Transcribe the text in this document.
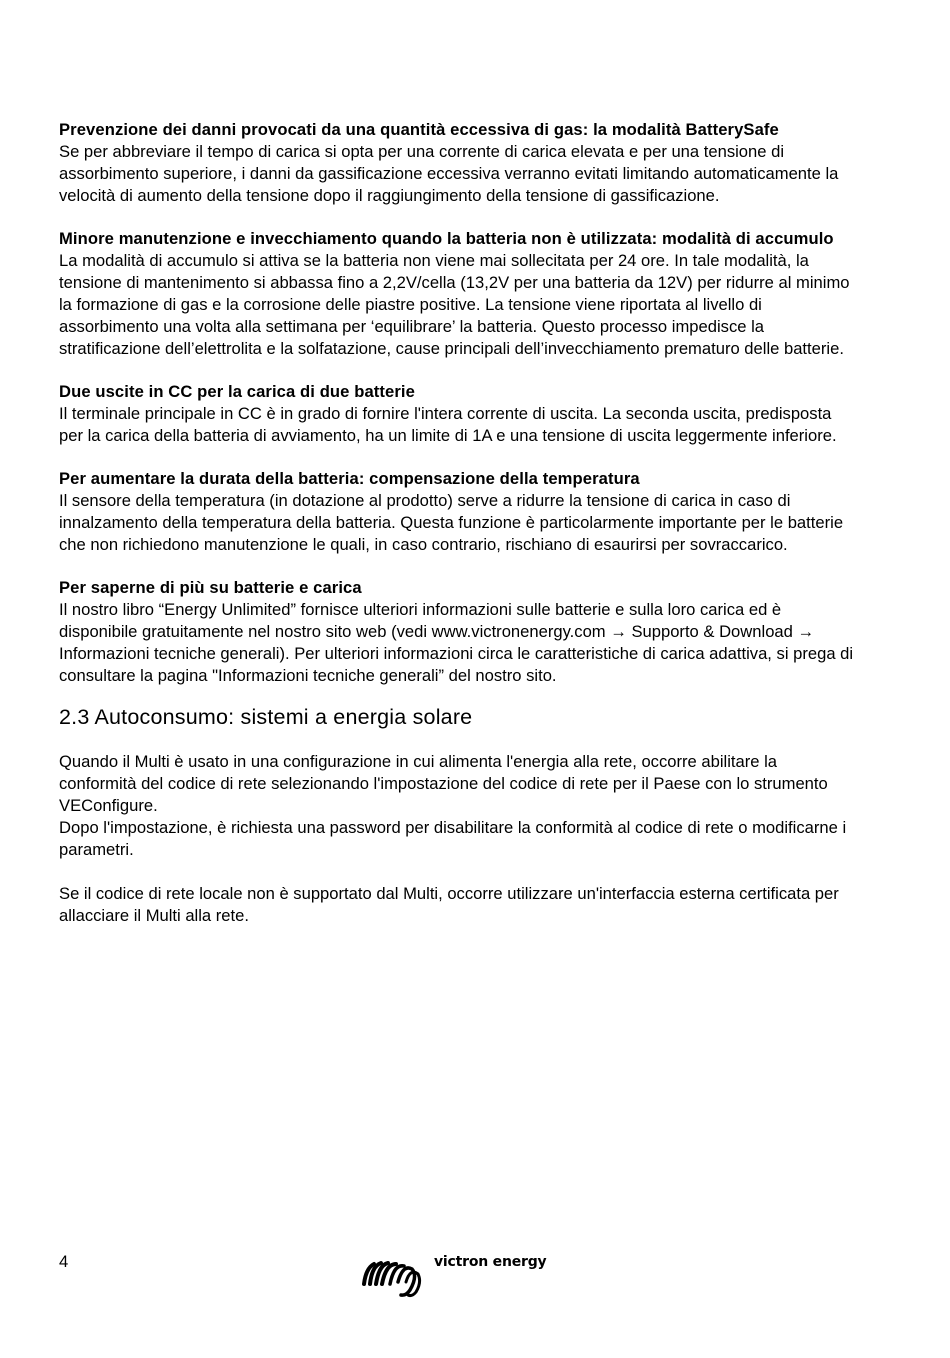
Prevenzione dei danni provocati da una quantità eccessiva di gas: la modalità BatterySafe

Se per abbreviare il tempo di carica si opta per una corrente di carica elevata e per una tensione di assorbimento superiore, i danni da gassificazione eccessiva verranno evitati limitando automaticamente la velocità di aumento della tensione dopo il raggiungimento della tensione di gassificazione.

Minore manutenzione e invecchiamento quando la batteria non è utilizzata: modalità di accumulo

La modalità di accumulo si attiva se la batteria non viene mai sollecitata per 24 ore. In tale modalità, la tensione di mantenimento si abbassa fino a 2,2V/cella (13,2V per una batteria da 12V) per ridurre al minimo la formazione di gas e la corrosione delle piastre positive. La tensione viene riportata al livello di assorbimento una volta alla settimana per ‘equilibrare’ la batteria. Questo processo impedisce la stratificazione dell’elettrolita e la solfatazione, cause principali dell’invecchiamento prematuro delle batterie.

Due uscite in CC per la carica di due batterie

Il terminale principale in CC è in grado di fornire l'intera corrente di uscita. La seconda uscita, predisposta per la carica della batteria di avviamento, ha un limite di 1A e una tensione di uscita leggermente inferiore.

Per aumentare la durata della batteria: compensazione della temperatura

Il sensore della temperatura (in dotazione al prodotto) serve a ridurre la tensione di carica in caso di innalzamento della temperatura della batteria. Questa funzione è particolarmente importante per le batterie che non richiedono manutenzione le quali, in caso contrario, rischiano di esaurirsi per sovraccarico.

Per saperne di più su batterie e carica

Il nostro libro “Energy Unlimited” fornisce ulteriori informazioni sulle batterie e sulla loro carica ed è disponibile gratuitamente nel nostro sito web (vedi www.victronenergy.com → Supporto & Download → Informazioni tecniche generali). Per ulteriori informazioni circa le caratteristiche di carica adattiva, si prega di consultare la pagina "Informazioni tecniche generali” del nostro sito.

2.3 Autoconsumo: sistemi a energia solare

Quando il Multi è usato in una configurazione in cui alimenta l'energia alla rete, occorre abilitare la conformità del codice di rete selezionando l'impostazione del codice di rete per il Paese con lo strumento VEConfigure.

Dopo l'impostazione, è richiesta una password per disabilitare la conformità al codice di rete o modificarne i parametri.

Se il codice di rete locale non è supportato dal Multi, occorre utilizzare un'interfaccia esterna certificata per allacciare il Multi alla rete.

4	victron energy
